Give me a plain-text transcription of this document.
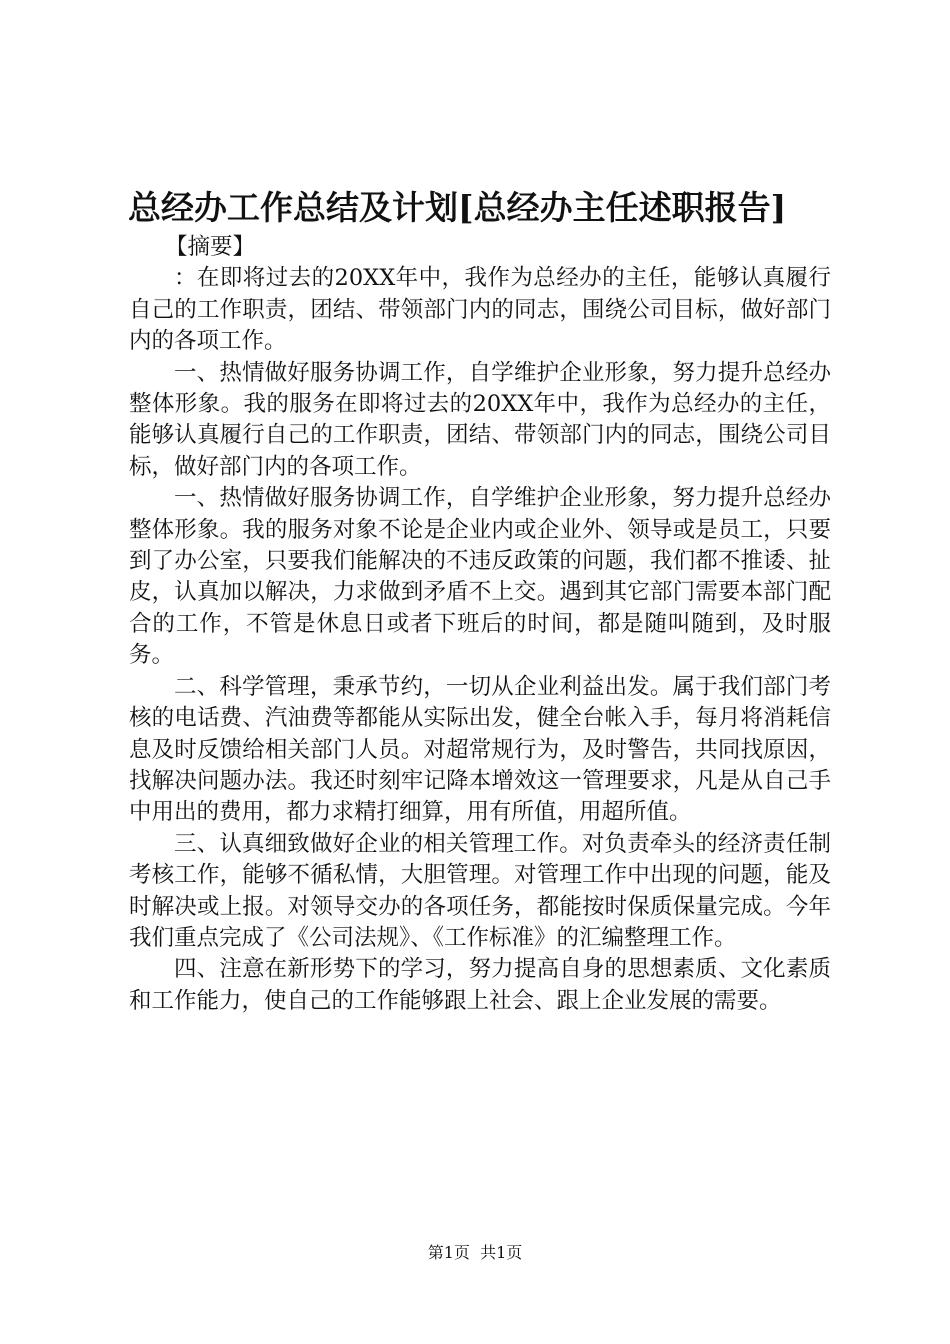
总经办工作总结及计划[总经办主任述职报告]

【摘要】

：在即将过去的20XX年中，我作为总经办的主任，能够认真履行自己的工作职责，团结、带领部门内的同志，围绕公司目标，做好部门内的各项工作。

一、热情做好服务协调工作，自学维护企业形象，努力提升总经办整体形象。我的服务在即将过去的20XX年中，我作为总经办的主任，能够认真履行自己的工作职责，团结、带领部门内的同志，围绕公司目标，做好部门内的各项工作。

一、热情做好服务协调工作，自学维护企业形象，努力提升总经办整体形象。我的服务对象不论是企业内或企业外、领导或是员工，只要到了办公室，只要我们能解决的不违反政策的问题，我们都不推诿、扯皮，认真加以解决，力求做到矛盾不上交。遇到其它部门需要本部门配合的工作，不管是休息日或者下班后的时间，都是随叫随到，及时服务。

二、科学管理，秉承节约，一切从企业利益出发。属于我们部门考核的电话费、汽油费等都能从实际出发，健全台帐入手，每月将消耗信息及时反馈给相关部门人员。对超常规行为，及时警告，共同找原因，找解决问题办法。我还时刻牢记降本增效这一管理要求，凡是从自己手中用出的费用，都力求精打细算，用有所值，用超所值。

三、认真细致做好企业的相关管理工作。对负责牵头的经济责任制考核工作，能够不循私情，大胆管理。对管理工作中出现的问题，能及时解决或上报。对领导交办的各项任务，都能按时保质保量完成。今年我们重点完成了《公司法规》、《工作标准》的汇编整理工作。

四、注意在新形势下的学习，努力提高自身的思想素质、文化素质和工作能力，使自己的工作能够跟上社会、跟上企业发展的需要。

第1页  共1页
